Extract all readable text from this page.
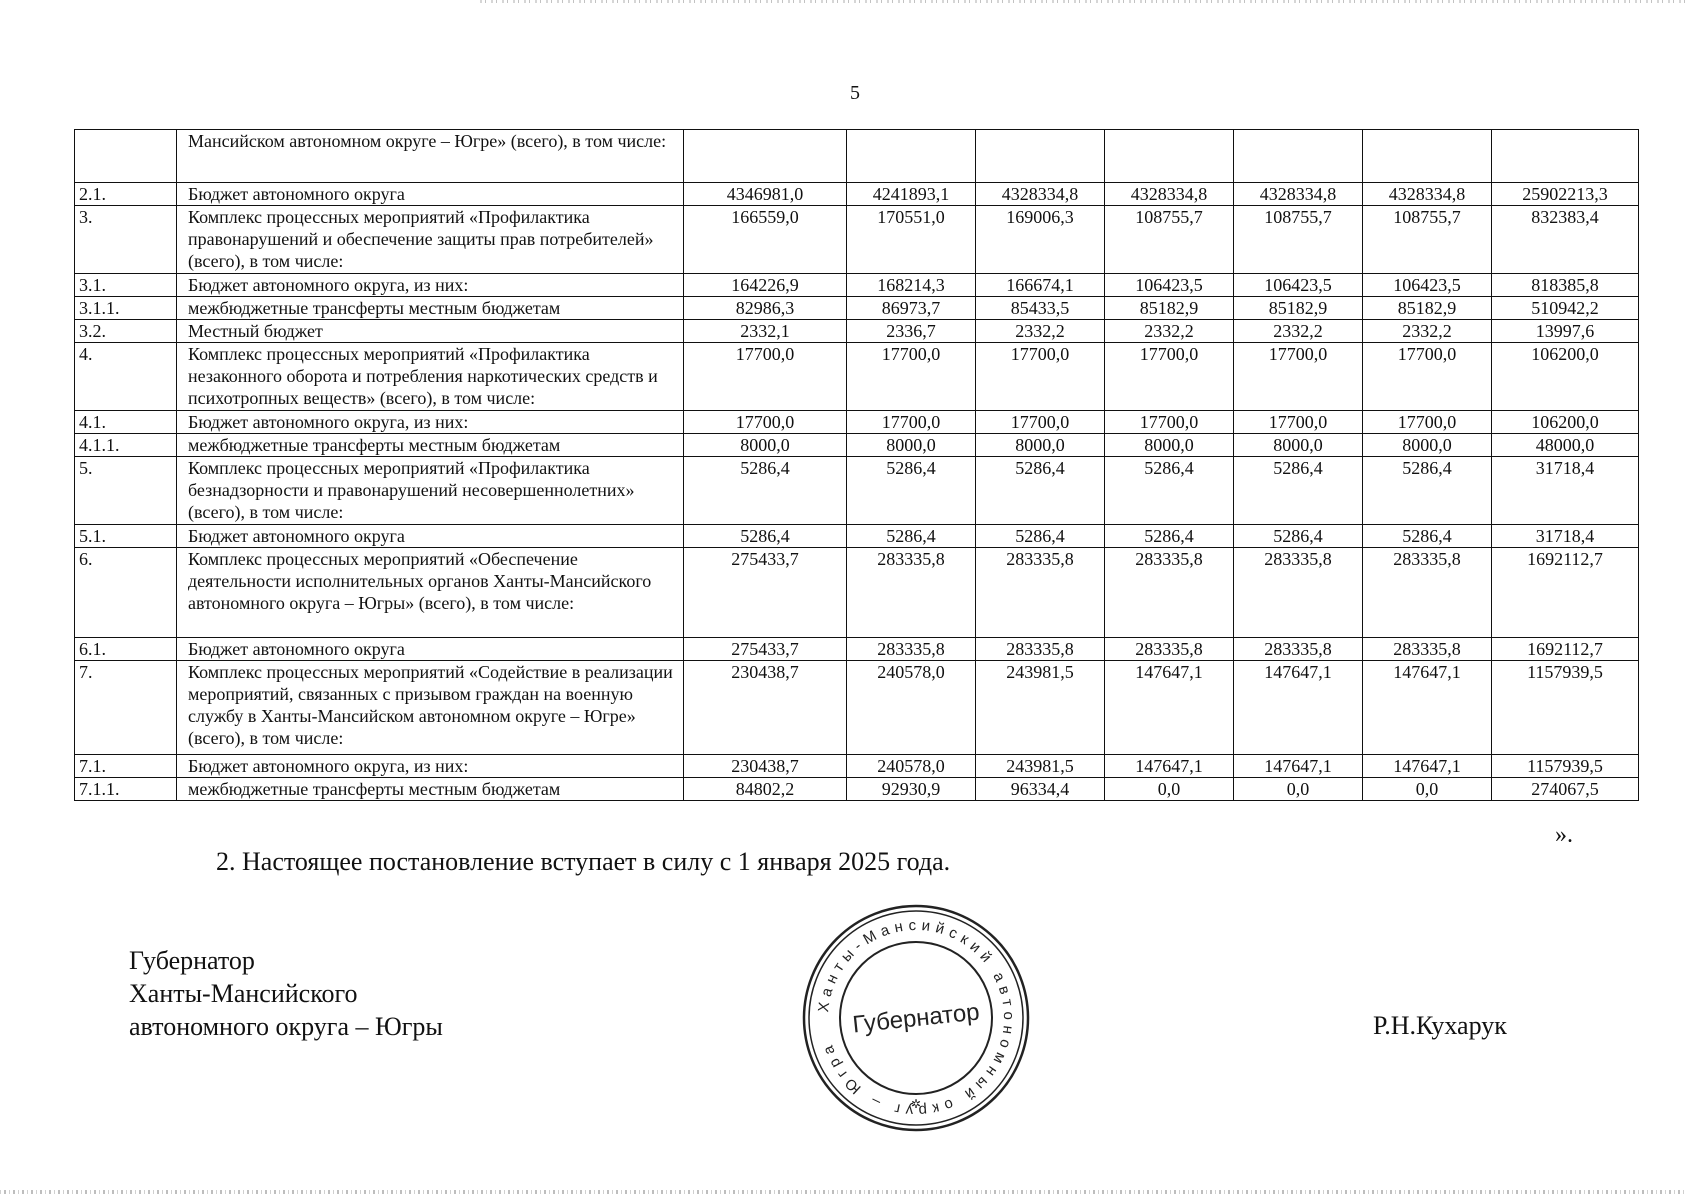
5
	Мансийском автономном округе – Югре» (всего), в том числе:							
2.1.	Бюджет автономного округа	4346981,0	4241893,1	4328334,8	4328334,8	4328334,8	4328334,8	25902213,3
3.	Комплекс процессных мероприятий «Профилактика правонарушений и обеспечение защиты прав потребителей» (всего), в том числе:	166559,0	170551,0	169006,3	108755,7	108755,7	108755,7	832383,4
3.1.	Бюджет автономного округа, из них:	164226,9	168214,3	166674,1	106423,5	106423,5	106423,5	818385,8
3.1.1.	межбюджетные трансферты местным бюджетам	82986,3	86973,7	85433,5	85182,9	85182,9	85182,9	510942,2
3.2.	Местный бюджет	2332,1	2336,7	2332,2	2332,2	2332,2	2332,2	13997,6
4.	Комплекс процессных мероприятий «Профилактика незаконного оборота и потребления наркотических средств и психотропных веществ» (всего), в том числе:	17700,0	17700,0	17700,0	17700,0	17700,0	17700,0	106200,0
4.1.	Бюджет автономного округа, из них:	17700,0	17700,0	17700,0	17700,0	17700,0	17700,0	106200,0
4.1.1.	межбюджетные трансферты местным бюджетам	8000,0	8000,0	8000,0	8000,0	8000,0	8000,0	48000,0
5.	Комплекс процессных мероприятий «Профилактика безнадзорности и правонарушений несовершеннолетних» (всего), в том числе:	5286,4	5286,4	5286,4	5286,4	5286,4	5286,4	31718,4
5.1.	Бюджет автономного округа	5286,4	5286,4	5286,4	5286,4	5286,4	5286,4	31718,4
6.	Комплекс процессных мероприятий «Обеспечение деятельности исполнительных органов Ханты-Мансийского автономного округа – Югры» (всего), в том числе:	275433,7	283335,8	283335,8	283335,8	283335,8	283335,8	1692112,7
6.1.	Бюджет автономного округа	275433,7	283335,8	283335,8	283335,8	283335,8	283335,8	1692112,7
7.	Комплекс процессных мероприятий «Содействие в реализации мероприятий, связанных с призывом граждан на военную службу в Ханты-Мансийском автономном округе – Югре» (всего), в том числе:	230438,7	240578,0	243981,5	147647,1	147647,1	147647,1	1157939,5
7.1.	Бюджет автономного округа, из них:	230438,7	240578,0	243981,5	147647,1	147647,1	147647,1	1157939,5
7.1.1.	межбюджетные трансферты местным бюджетам	84802,2	92930,9	96334,4	0,0	0,0	0,0	274067,5
».
2. Настоящее постановление вступает в силу с 1 января 2025 года.
Губернатор
Ханты-Мансийского
автономного округа – Югры	Р.Н.Кухарук
Ханты-Мансийский автономный округ – Югра
Губернатор
✲
